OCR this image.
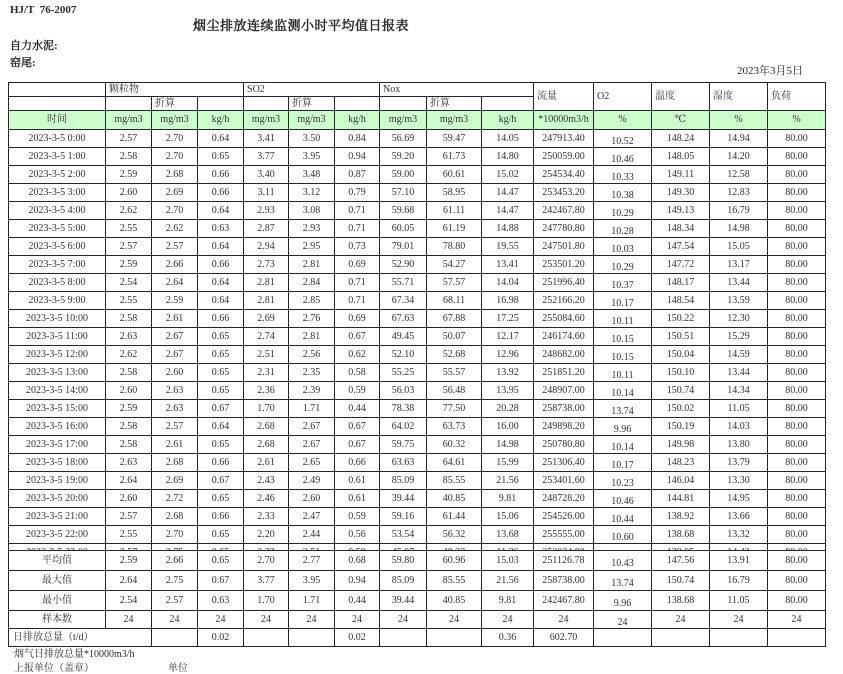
HJ/T  76-2007
烟尘排放连续监测小时平均值日报表
自力水泥:
窑尾:
2023年3月5日
	颗粒物			SO2			Nox			流量	O2	温度	湿度	负荷
		折算			折算			折算						
时间	mg/m3	mg/m3	kg/h	mg/m3	mg/m3	kg/h	mg/m3	mg/m3	kg/h	*10000m3/h	%	℃	%	%
2023-3-5 0:00	2.57	2.70	0.64	3.41	3.50	0.84	56.69	59.47	14.05	247913.40	10.52	148.24	14.94	80.00
2023-3-5 1:00	2.58	2.70	0.65	3.77	3.95	0.94	59.20	61.73	14.80	250059.00	10.46	148.05	14.20	80.00
2023-3-5 2:00	2.59	2.68	0.66	3.40	3.48	0.87	59.00	60.61	15.02	254534.40	10.33	149.11	12.58	80.00
2023-3-5 3:00	2.60	2.69	0.66	3.11	3.12	0.79	57.10	58.95	14.47	253453.20	10.38	149.30	12.83	80.00
2023-3-5 4:00	2.62	2.70	0.64	2.93	3.08	0.71	59.68	61.11	14.47	242467.80	10.29	149.13	16.79	80.00
2023-3-5 5:00	2.55	2.62	0.63	2.87	2.93	0.71	60.05	61.19	14.88	247780.80	10.28	148.34	14.98	80.00
2023-3-5 6:00	2.57	2.57	0.64	2.94	2.95	0.73	79.01	78.80	19.55	247501.80	10.03	147.54	15.05	80.00
2023-3-5 7:00	2.59	2.66	0.66	2.73	2.81	0.69	52.90	54.27	13.41	253501.20	10.29	147.72	13.17	80.00
2023-3-5 8:00	2.54	2.64	0.64	2.81	2.84	0.71	55.71	57.57	14.04	251996.40	10.37	148.17	13.44	80.00
2023-3-5 9:00	2.55	2.59	0.64	2.81	2.85	0.71	67.34	68.11	16.98	252166.20	10.17	148.54	13.59	80.00
2023-3-5 10:00	2.58	2.61	0.66	2.69	2.76	0.69	67.63	67.88	17.25	255084.60	10.11	150.22	12.30	80.00
2023-3-5 11:00	2.63	2.67	0.65	2.74	2.81	0.67	49.45	50.07	12.17	246174.60	10.15	150.51	15.29	80.00
2023-3-5 12:00	2.62	2.67	0.65	2.51	2.56	0.62	52.10	52.68	12.96	248682.00	10.15	150.04	14.59	80.00
2023-3-5 13:00	2.58	2.60	0.65	2.31	2.35	0.58	55.25	55.57	13.92	251851.20	10.11	150.10	13.44	80.00
2023-3-5 14:00	2.60	2.63	0.65	2.36	2.39	0.59	56.03	56.48	13.95	248907.00	10.14	150.74	14.34	80.00
2023-3-5 15:00	2.59	2.63	0.67	1.70	1.71	0.44	78.38	77.50	20.28	258738.00	13.74	150.02	11.05	80.00
2023-3-5 16:00	2.58	2.57	0.64	2.68	2.67	0.67	64.02	63.73	16.00	249898.20	9.96	150.19	14.03	80.00
2023-3-5 17:00	2.58	2.61	0.65	2.68	2.67	0.67	59.75	60.32	14.98	250780.80	10.14	149.98	13.80	80.00
2023-3-5 18:00	2.63	2.68	0.66	2.61	2.65	0.66	63.63	64.61	15.99	251306.40	10.17	148.23	13.79	80.00
2023-3-5 19:00	2.64	2.69	0.67	2.43	2.49	0.61	85.09	85.55	21.56	253401.60	10.23	146.04	13.30	80.00
2023-3-5 20:00	2.60	2.72	0.65	2.46	2.60	0.61	39.44	40.85	9.81	248728.20	10.46	144.81	14.95	80.00
2023-3-5 21:00	2.57	2.68	0.66	2.33	2.47	0.59	59.16	61.44	15.06	254526.00	10.44	138.92	13.66	80.00
2023-3-5 22:00	2.55	2.70	0.65	2.20	2.44	0.56	53.54	56.32	13.68	255555.00	10.60	138.68	13.32	80.00

平均值	2.59	2.66	0.65	2.70	2.77	0.68	59.80	60.96	15.03	251126.78	10.43	147.56	13.91	80.00
最大值	2.64	2.75	0.67	3.77	3.95	0.94	85.09	85.55	21.56	258738.00	13.74	150.74	16.79	80.00
最小值	2.54	2.57	0.63	1.70	1.71	0.44	39.44	40.85	9.81	242467.80	9.96	138.68	11.05	80.00
样本数	24	24	24	24	24	24	24	24	24	24	24	24	24	24
日排放总量（t/d）			0.02			0.02			0.36	602.70				
烟气日排放总量*10000m3/h
上报单位（盖章）	单位
